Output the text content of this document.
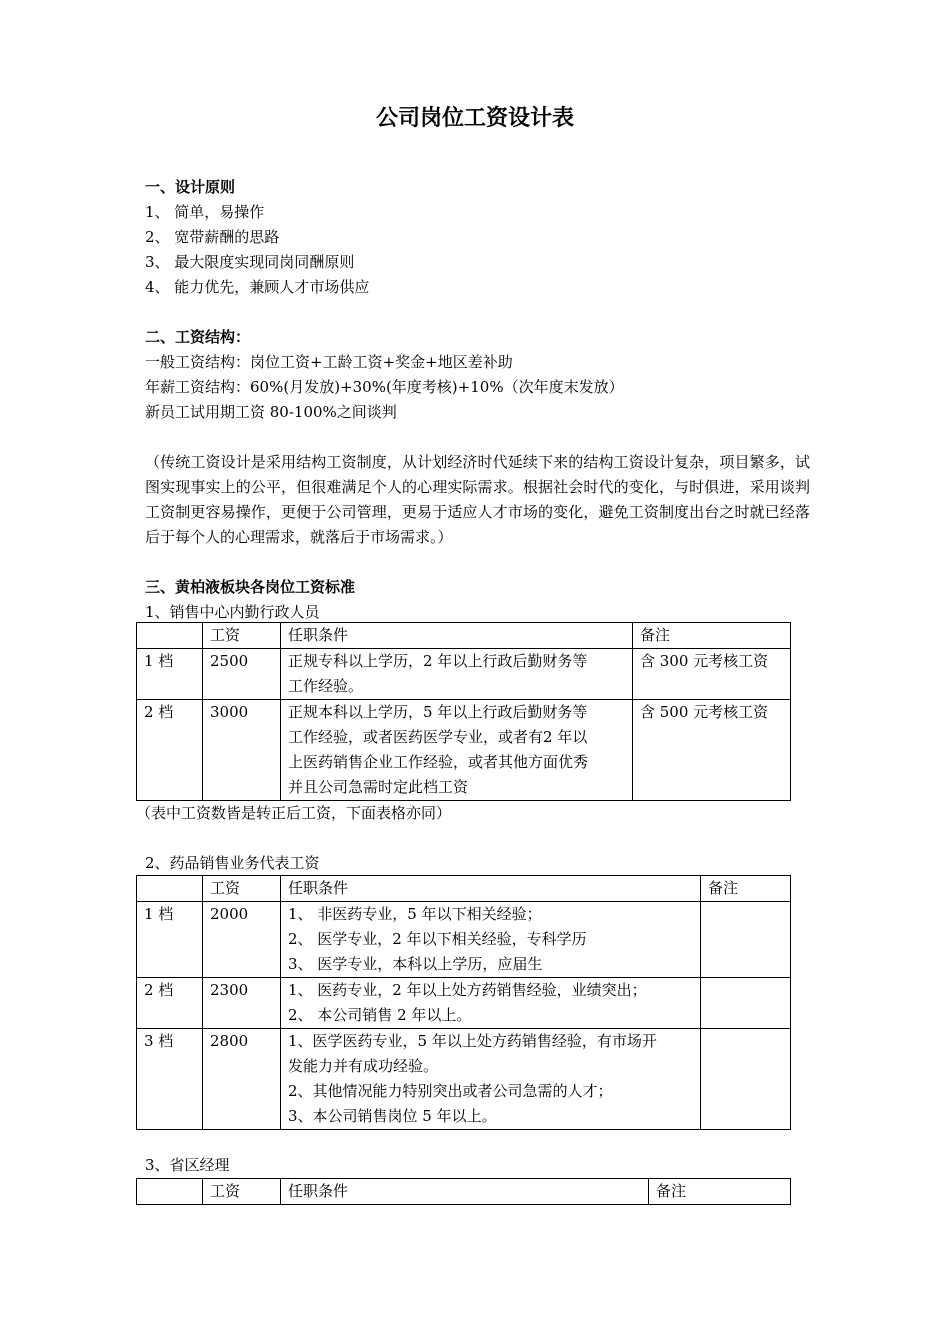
公司岗位工资设计表
一、设计原则
1、 简单，易操作
2、 宽带薪酬的思路
3、 最大限度实现同岗同酬原则
4、 能力优先，兼顾人才市场供应
二、工资结构：
一般工资结构：岗位工资+工龄工资+奖金+地区差补助
年薪工资结构：60%(月发放)+30%(年度考核)+10%（次年度末发放）
新员工试用期工资 80-100%之间谈判
（传统工资设计是采用结构工资制度，从计划经济时代延续下来的结构工资设计复杂，项目繁多，试图实现事实上的公平，但很难满足个人的心理实际需求。根据社会时代的变化，与时俱进，采用谈判工资制更容易操作，更便于公司管理，更易于适应人才市场的变化，避免工资制度出台之时就已经落后于每个人的心理需求，就落后于市场需求。）
三、黄柏液板块各岗位工资标准
1、销售中心内勤行政人员
	工资	任职条件	备注
1 档	2500	正规专科以上学历，2 年以上行政后勤财务等
工作经验。	含 300 元考核工资
2 档	3000	正规本科以上学历，5 年以上行政后勤财务等
工作经验，或者医药医学专业，或者有2 年以
上医药销售企业工作经验，或者其他方面优秀
并且公司急需时定此档工资	含 500 元考核工资
（表中工资数皆是转正后工资，下面表格亦同）
2、药品销售业务代表工资
	工资	任职条件	备注
1 档	2000	1、 非医药专业，5 年以下相关经验；
2、 医学专业，2 年以下相关经验，专科学历
3、 医学专业，本科以上学历，应届生	

2 档	2300	1、 医药专业，2 年以上处方药销售经验，业绩突出；
2、 本公司销售 2 年以上。	

3 档	2800	1、医学医药专业，5 年以上处方药销售经验，有市场开
发能力并有成功经验。
2、其他情况能力特别突出或者公司急需的人才；
3、本公司销售岗位 5 年以上。	

3、省区经理
	工资	任职条件	备注
